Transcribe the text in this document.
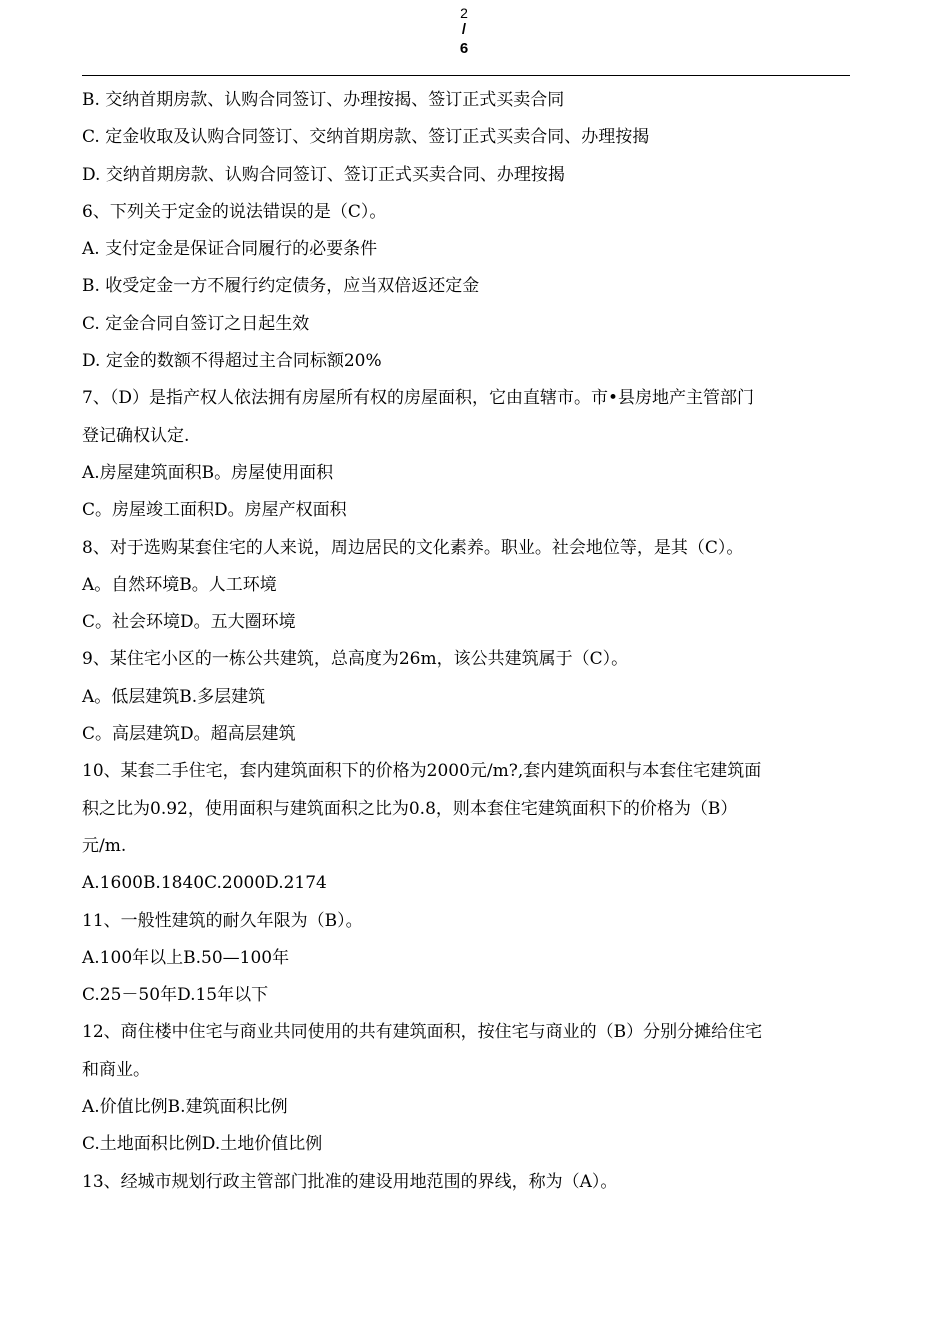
2
/
6
B. 交纳首期房款、认购合同签订、办理按揭、签订正式买卖合同
C. 定金收取及认购合同签订、交纳首期房款、签订正式买卖合同、办理按揭
D. 交纳首期房款、认购合同签订、签订正式买卖合同、办理按揭
6、下列关于定金的说法错误的是（C）。
A. 支付定金是保证合同履行的必要条件
B. 收受定金一方不履行约定债务，应当双倍返还定金
C. 定金合同自签订之日起生效
D. 定金的数额不得超过主合同标额20%
7、（D）是指产权人依法拥有房屋所有权的房屋面积，它由直辖市。市•县房地产主管部门
登记确权认定.
A.房屋建筑面积B。房屋使用面积
C。房屋竣工面积D。房屋产权面积
8、对于选购某套住宅的人来说，周边居民的文化素养。职业。社会地位等，是其（C）。
A。自然环境B。人工环境
C。社会环境D。五大圈环境
9、某住宅小区的一栋公共建筑，总高度为26m，该公共建筑属于（C）。
A。低层建筑B.多层建筑
C。高层建筑D。超高层建筑
10、某套二手住宅，套内建筑面积下的价格为2000元/m?,套内建筑面积与本套住宅建筑面
积之比为0.92，使用面积与建筑面积之比为0.8，则本套住宅建筑面积下的价格为（B）
元/m.
A.1600B.1840C.2000D.2174
11、一般性建筑的耐久年限为（B）。
A.100年以上B.50—100年
C.25－50年D.15年以下
12、商住楼中住宅与商业共同使用的共有建筑面积，按住宅与商业的（B）分别分摊给住宅
和商业。
A.价值比例B.建筑面积比例
C.土地面积比例D.土地价值比例
13、经城市规划行政主管部门批准的建设用地范围的界线，称为（A）。
